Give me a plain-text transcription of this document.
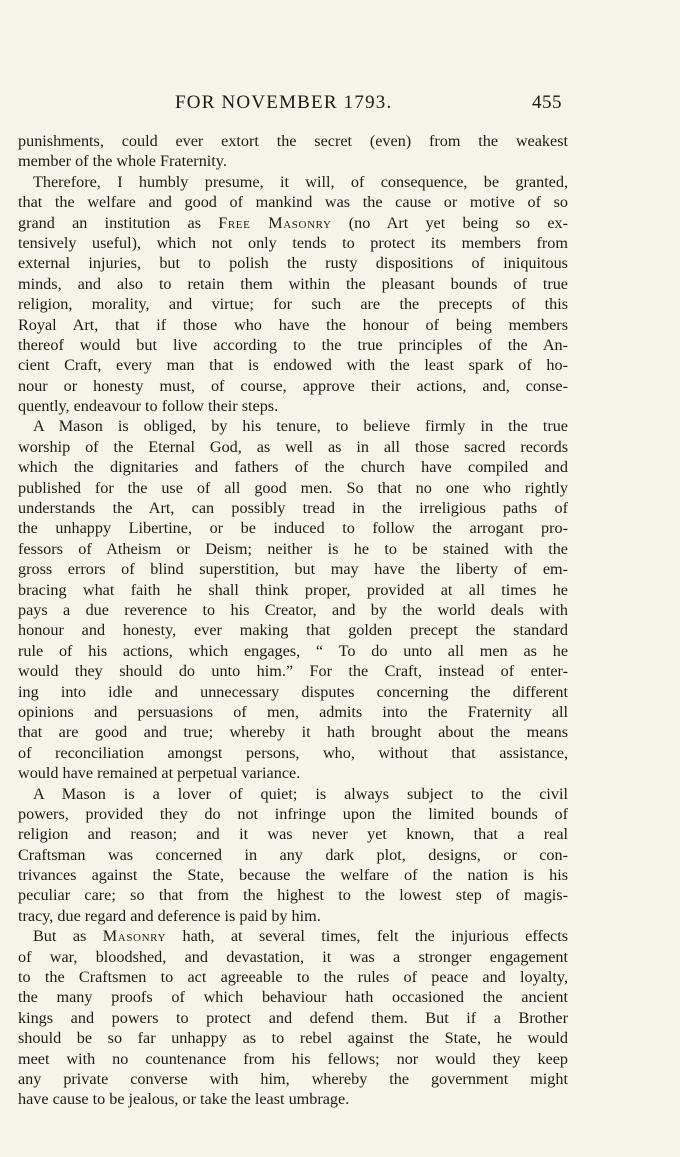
FOR NOVEMBER 1793.	455
punishments, could ever extort the secret (even) from the weakest
member of the whole Fraternity.
Therefore, I humbly presume, it will, of consequence, be granted,
that the welfare and good of mankind was the cause or motive of so
grand an institution as Free Masonry (no Art yet being so ex-
tensively useful), which not only tends to protect its members from
external injuries, but to polish the rusty dispositions of iniquitous
minds, and also to retain them within the pleasant bounds of true
religion, morality, and virtue; for such are the precepts of this
Royal Art, that if those who have the honour of being members
thereof would but live according to the true principles of the An-
cient Craft, every man that is endowed with the least spark of ho-
nour or honesty must, of course, approve their actions, and, conse-
quently, endeavour to follow their steps.
A Mason is obliged, by his tenure, to believe firmly in the true
worship of the Eternal God, as well as in all those sacred records
which the dignitaries and fathers of the church have compiled and
published for the use of all good men. So that no one who rightly
understands the Art, can possibly tread in the irreligious paths of
the unhappy Libertine, or be induced to follow the arrogant pro-
fessors of Atheism or Deism; neither is he to be stained with the
gross errors of blind superstition, but may have the liberty of em-
bracing what faith he shall think proper, provided at all times he
pays a due reverence to his Creator, and by the world deals with
honour and honesty, ever making that golden precept the standard
rule of his actions, which engages, “ To do unto all men as he
would they should do unto him.” For the Craft, instead of enter-
ing into idle and unnecessary disputes concerning the different
opinions and persuasions of men, admits into the Fraternity all
that are good and true; whereby it hath brought about the means
of reconciliation amongst persons, who, without that assistance,
would have remained at perpetual variance.
A Mason is a lover of quiet; is always subject to the civil
powers, provided they do not infringe upon the limited bounds of
religion and reason; and it was never yet known, that a real
Craftsman was concerned in any dark plot, designs, or con-
trivances against the State, because the welfare of the nation is his
peculiar care; so that from the highest to the lowest step of magis-
tracy, due regard and deference is paid by him.
But as Masonry hath, at several times, felt the injurious effects
of war, bloodshed, and devastation, it was a stronger engagement
to the Craftsmen to act agreeable to the rules of peace and loyalty,
the many proofs of which behaviour hath occasioned the ancient
kings and powers to protect and defend them. But if a Brother
should be so far unhappy as to rebel against the State, he would
meet with no countenance from his fellows; nor would they keep
any private converse with him, whereby the government might
have cause to be jealous, or take the least umbrage.
